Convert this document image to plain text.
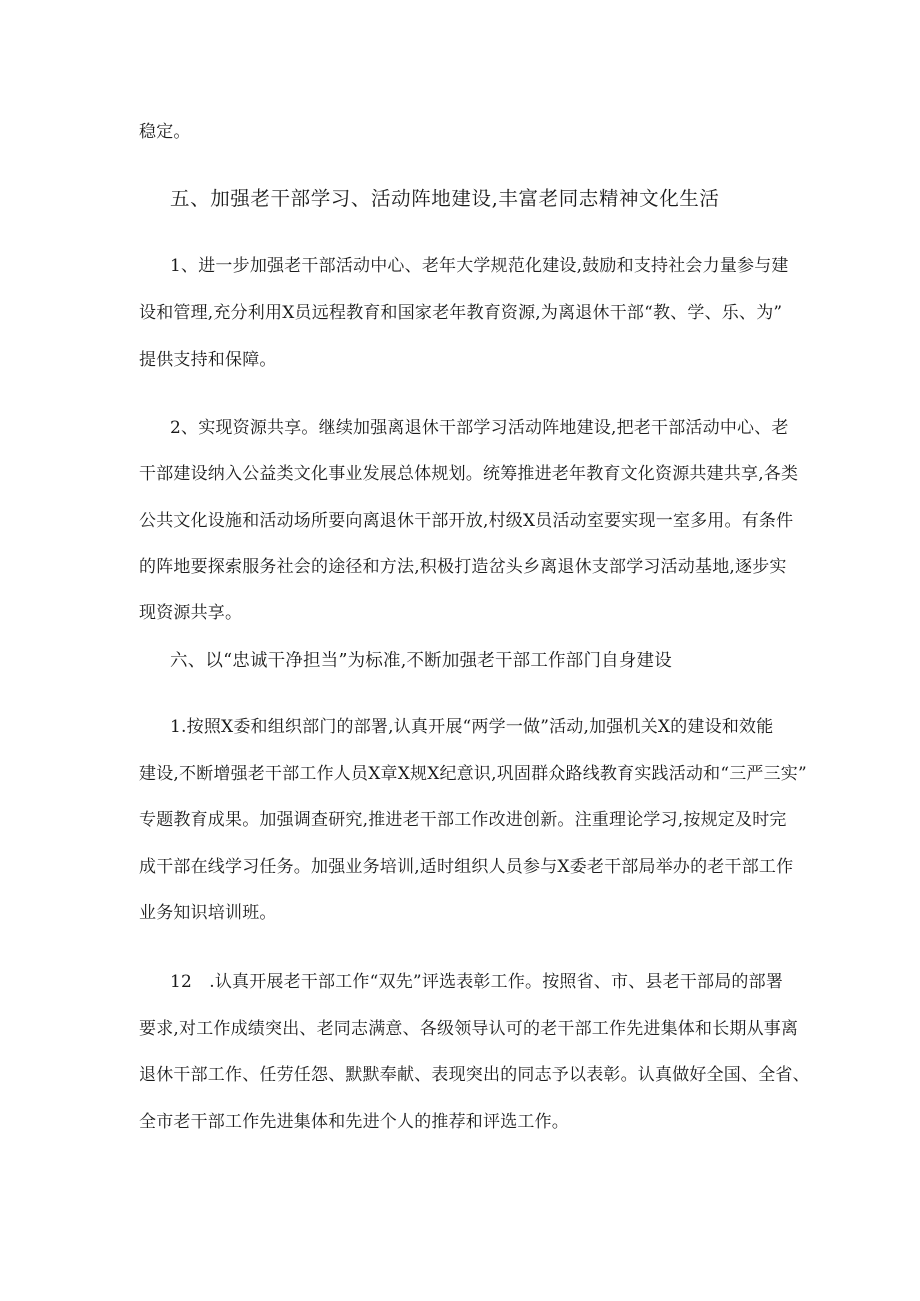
稳定。

五、加强老干部学习、活动阵地建设,丰富老同志精神文化生活

1、进一步加强老干部活动中心、老年大学规范化建设,鼓励和支持社会力量参与建

设和管理,充分利用X员远程教育和国家老年教育资源,为离退休干部“教、学、乐、为”

提供支持和保障。

2、实现资源共享。继续加强离退休干部学习活动阵地建设,把老干部活动中心、老

干部建设纳入公益类文化事业发展总体规划。统筹推进老年教育文化资源共建共享,各类

公共文化设施和活动场所要向离退休干部开放,村级X员活动室要实现一室多用。有条件

的阵地要探索服务社会的途径和方法,积极打造岔头乡离退休支部学习活动基地,逐步实

现资源共享。

六、以“忠诚干净担当”为标准,不断加强老干部工作部门自身建设

1.按照X委和组织部门的部署,认真开展“两学一做”活动,加强机关X的建设和效能

建设,不断增强老干部工作人员X章X规X纪意识,巩固群众路线教育实践活动和“三严三实”

专题教育成果。加强调查研究,推进老干部工作改进创新。注重理论学习,按规定及时完

成干部在线学习任务。加强业务培训,适时组织人员参与X委老干部局举办的老干部工作

业务知识培训班。

12　.认真开展老干部工作“双先”评选表彰工作。按照省、市、县老干部局的部署

要求,对工作成绩突出、老同志满意、各级领导认可的老干部工作先进集体和长期从事离

退休干部工作、任劳任怨、默默奉献、表现突出的同志予以表彰。认真做好全国、全省、

全市老干部工作先进集体和先进个人的推荐和评选工作。
